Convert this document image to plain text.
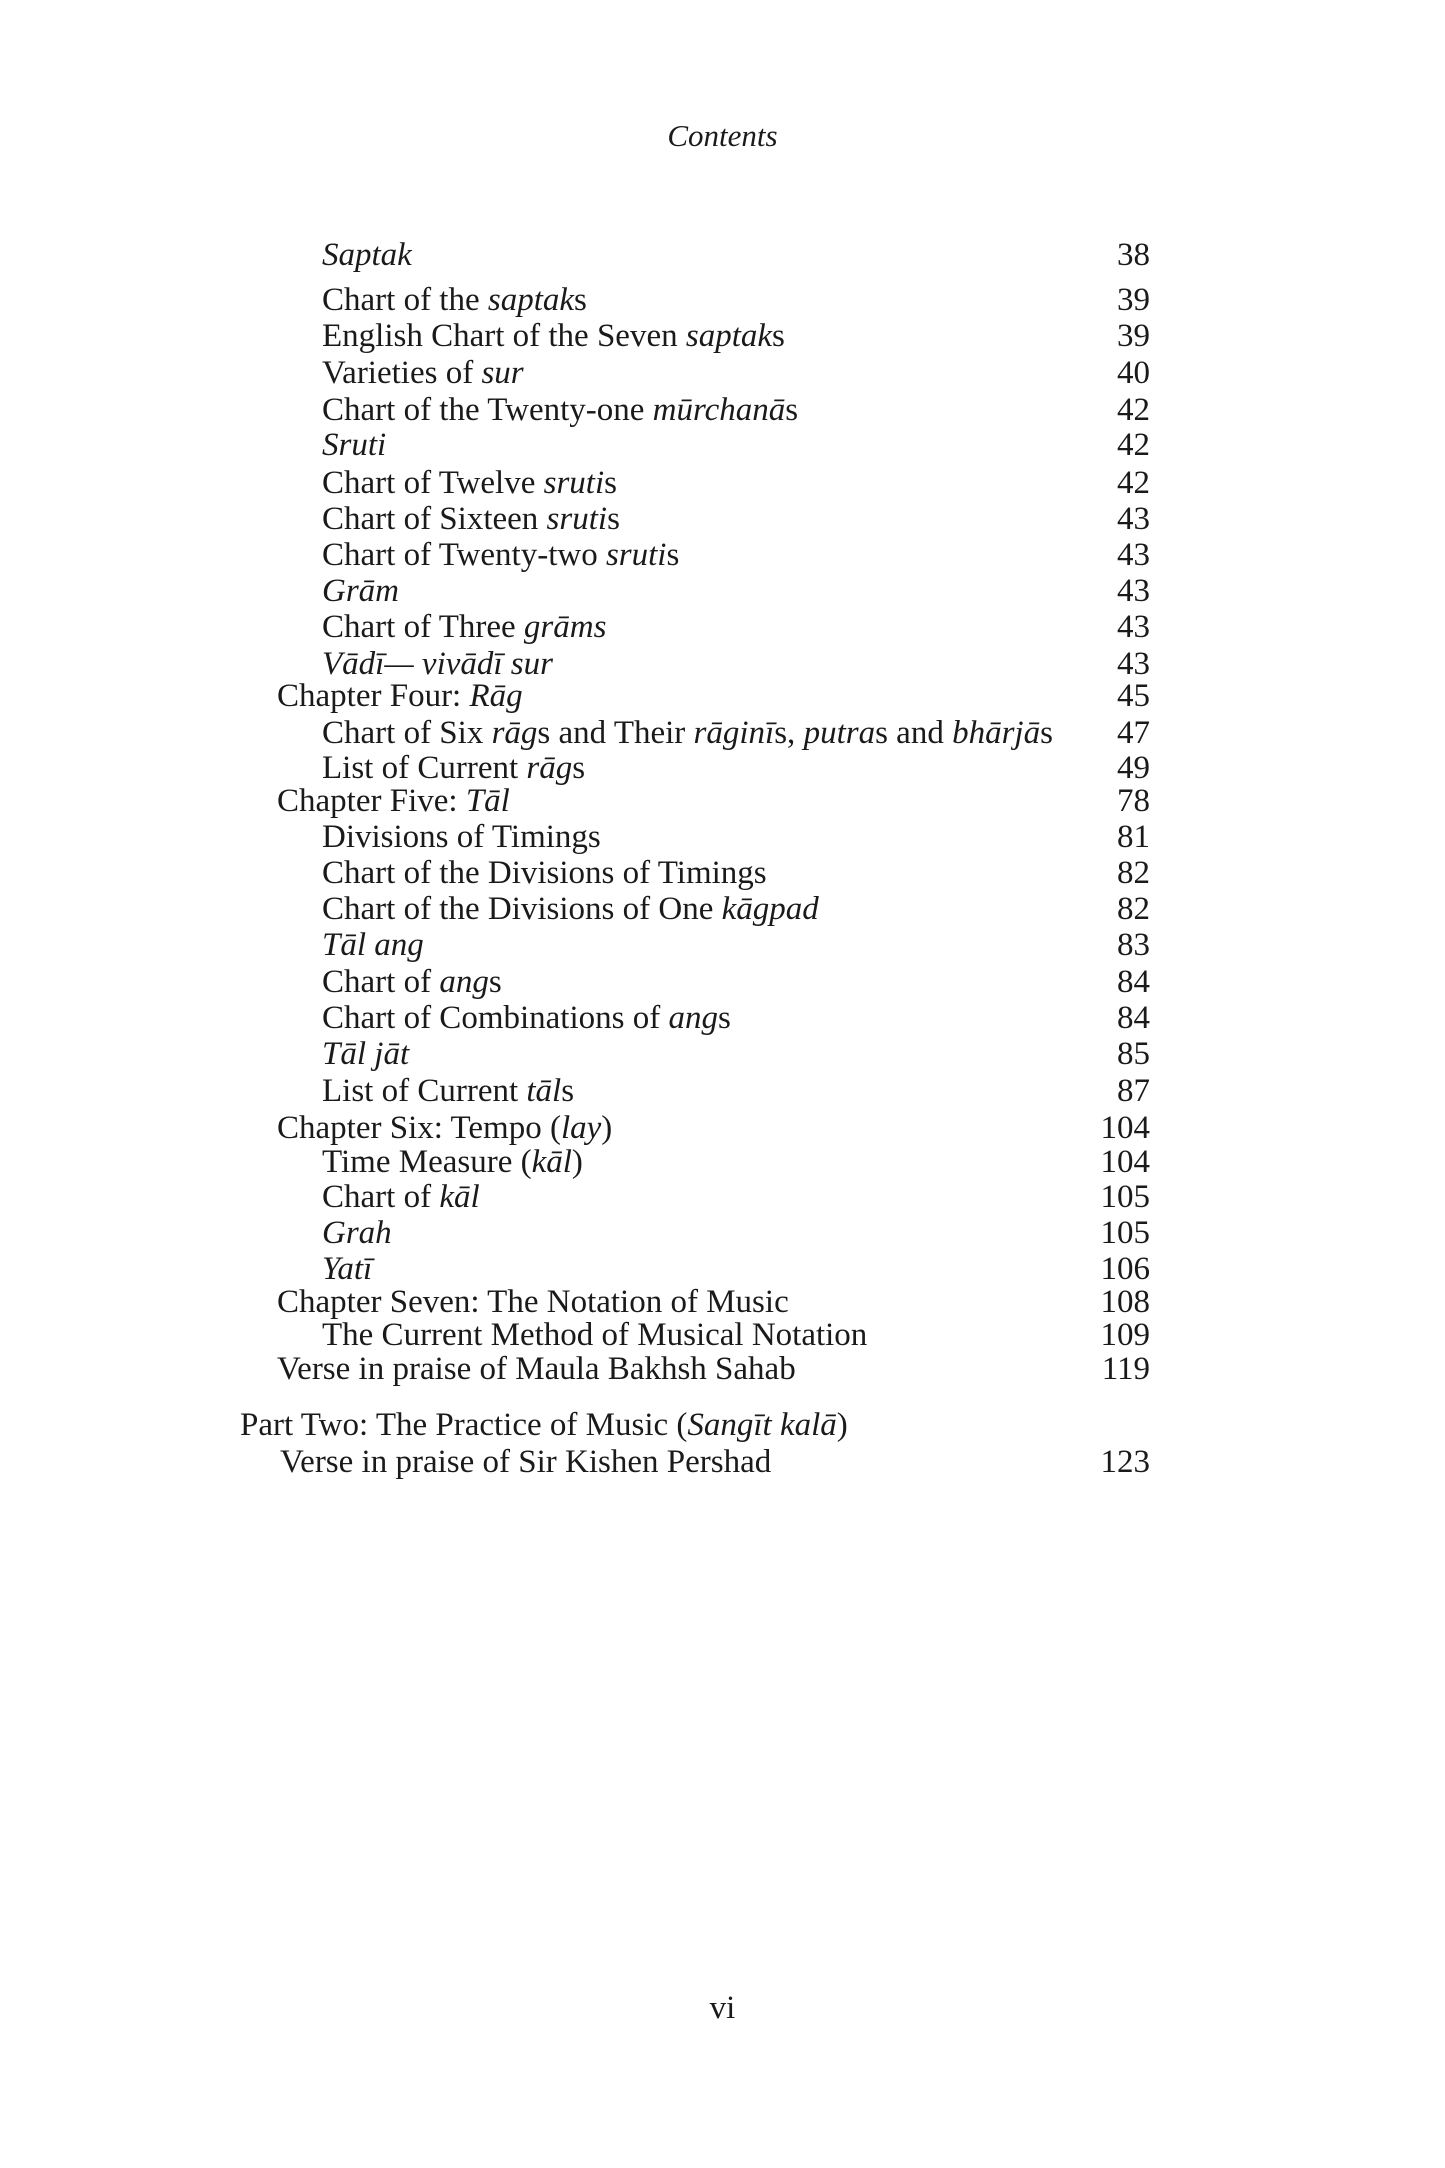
Contents
Saptak	38
Chart of the saptaks	39
English Chart of the Seven saptaks	39
Varieties of sur	40
Chart of the Twenty-one mūrchanās	42
Sruti	42
Chart of Twelve srutis	42
Chart of Sixteen srutis	43
Chart of Twenty-two srutis	43
Grām	43
Chart of Three grāms	43
Vādī— vivādī sur	43
Chapter Four: Rāg	45
Chart of Six rāgs and Their rāginīs, putras and bhārjās 47
List of Current rāgs	49
Chapter Five: Tāl	78
Divisions of Timings	81
Chart of the Divisions of Timings	82
Chart of the Divisions of One kāgpad	82
Tāl ang	83
Chart of angs	84
Chart of Combinations of angs	84
Tāl jāt	85
List of Current tāls	87
Chapter Six: Tempo (lay)	104
Time Measure (kāl)	104
Chart of kāl	105
Grah	105
Yatī	106
Chapter Seven: The Notation of Music	108
The Current Method of Musical Notation	109
Verse in praise of Maula Bakhsh Sahab	119
Part Two: The Practice of Music (Sangīt kalā)
Verse in praise of Sir Kishen Pershad	123
vi
